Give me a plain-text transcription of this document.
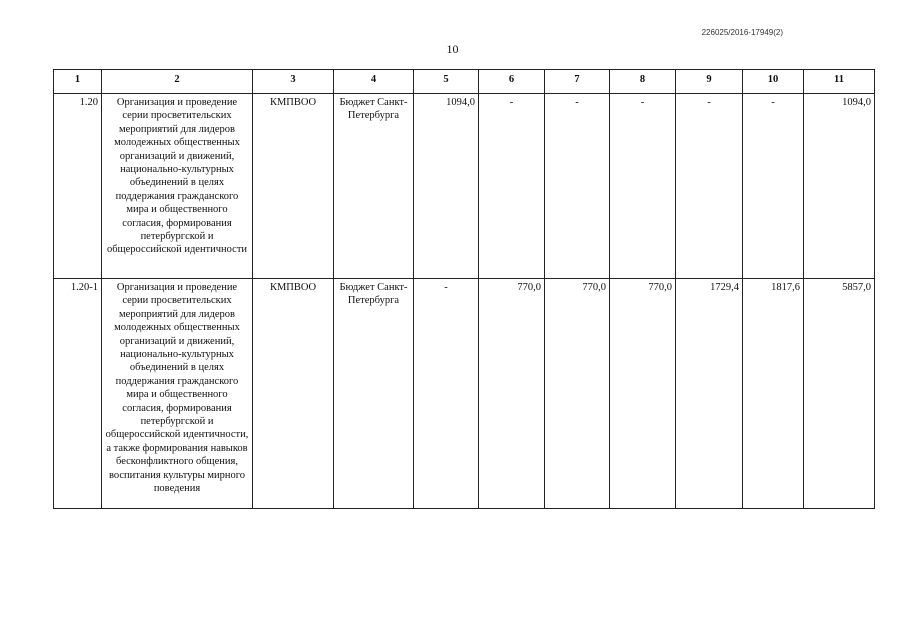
226025/2016-17949(2)
10
1	2	3	4	5	6	7	8	9	10	11
1.20	Организация и проведение серии просветительских мероприятий для лидеров молодежных общественных организаций и движений, национально-культурных объединений в целях поддержания гражданского мира и общественного согласия, формирования петербургской и общероссийской идентичности	КМПВОО	Бюджет Санкт-Петербурга	1094,0	-	-	-	-	-	1094,0
1.20-1	Организация и проведение серии просветительских мероприятий для лидеров молодежных общественных организаций и движений, национально-культурных объединений в целях поддержания гражданского мира и общественного согласия, формирования петербургской и общероссийской идентичности, а также формирования навыков бесконфликтного общения, воспитания культуры мирного поведения	КМПВОО	Бюджет Санкт-Петербурга	-	770,0	770,0	770,0	1729,4	1817,6	5857,0
